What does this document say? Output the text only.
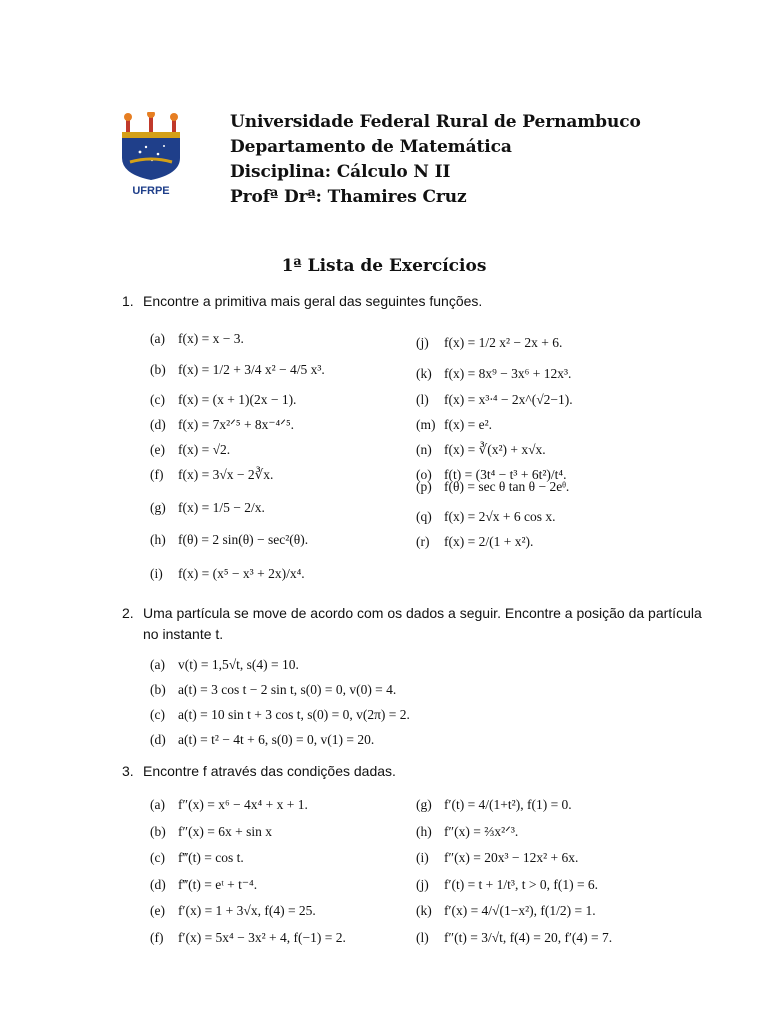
UFRPE
Universidade Federal Rural de Pernambuco
Departamento de Matemática
Disciplina: Cálculo N II
Profª Drª: Thamires Cruz
1ª Lista de Exercícios
1. Encontre a primitiva mais geral das seguintes funções.
2. Uma partícula se move de acordo com os dados a seguir. Encontre a posição da partícula
no instante t.
3. Encontre f através das condições dadas.
(a) f(x) = x − 3.
(b) f(x) = 1/2 + 3/4 x² − 4/5 x³.
(c) f(x) = (x + 1)(2x − 1).
(d) f(x) = 7x²ᐟ⁵ + 8x⁻⁴ᐟ⁵.
(e) f(x) = √2.
(f) f(x) = 3√x − 2∛x.
(g) f(x) = 1/5 − 2/x.
(h) f(θ) = 2 sin(θ) − sec²(θ).
(i) f(x) = (x⁵ − x³ + 2x)/x⁴.
(j) f(x) = 1/2 x² − 2x + 6.
(k) f(x) = 8x⁹ − 3x⁶ + 12x³.
(l) f(x) = x³ᐧ⁴ − 2x^(√2−1).
(m) f(x) = e².
(n) f(x) = ∛(x²) + x√x.
(o) f(t) = (3t⁴ − t³ + 6t²)/t⁴.
(p) f(θ) = sec θ tan θ − 2eᶿ.
(q) f(x) = 2√x + 6 cos x.
(r) f(x) = 2/(1 + x²).
(a) v(t) = 1,5√t, s(4) = 10.
(b) a(t) = 3 cos t − 2 sin t, s(0) = 0, v(0) = 4.
(c) a(t) = 10 sin t + 3 cos t, s(0) = 0, v(2π) = 2.
(d) a(t) = t² − 4t + 6, s(0) = 0, v(1) = 20.
(a) f″(x) = x⁶ − 4x⁴ + x + 1.
(b) f″(x) = 6x + sin x
(c) f‴(t) = cos t.
(d) f‴(t) = eᵗ + t⁻⁴.
(e) f′(x) = 1 + 3√x, f(4) = 25.
(f) f′(x) = 5x⁴ − 3x² + 4, f(−1) = 2.
(g) f′(t) = 4/(1+t²), f(1) = 0.
(h) f″(x) = ⅔x²ᐟ³.
(i) f″(x) = 20x³ − 12x² + 6x.
(j) f′(t) = t + 1/t³, t > 0, f(1) = 6.
(k) f′(x) = 4/√(1−x²), f(1/2) = 1.
(l) f″(t) = 3/√t, f(4) = 20, f′(4) = 7.
